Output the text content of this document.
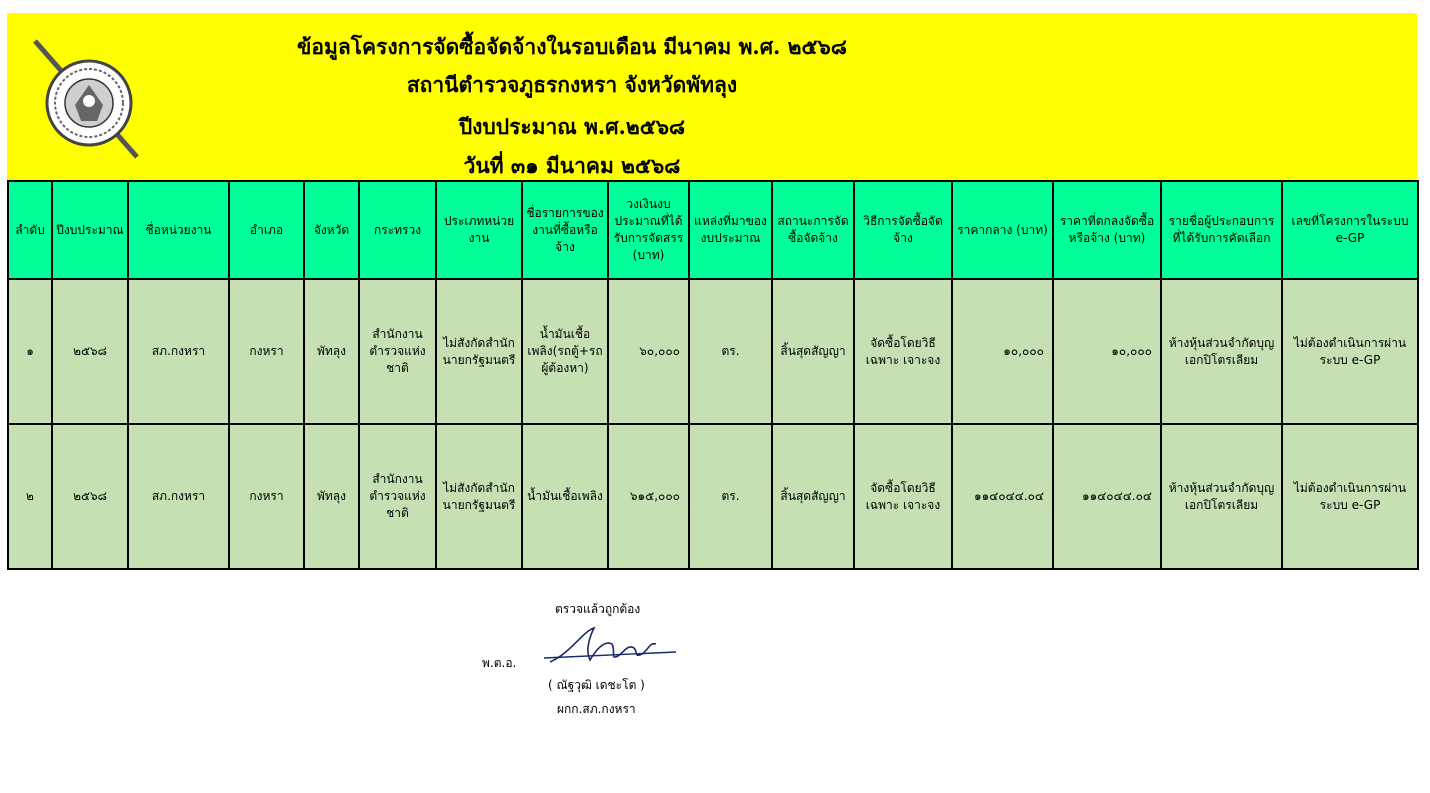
ข้อมูลโครงการจัดซื้อจัดจ้างในรอบเดือน มีนาคม พ.ศ. ๒๕๖๘
สถานีตำรวจภูธรกงหรา จังหวัดพัทลุง
ปีงบประมาณ พ.ศ.๒๕๖๘
วันที่ ๓๑ มีนาคม ๒๕๖๘
ลำดับ	ปีงบประมาณ	ชื่อหน่วยงาน	อำเภอ	จังหวัด	กระทรวง	ประเภทหน่วยงาน	ชื่อรายการของงานที่ซื้อหรือจ้าง	วงเงินงบประมาณที่ได้รับการจัดสรร (บาท)	แหล่งที่มาของงบประมาณ	สถานะการจัดซื้อจัดจ้าง	วิธีการจัดซื้อจัดจ้าง	ราคากลาง (บาท)	ราคาที่ตกลงจัดซื้อหรือจ้าง (บาท)	รายชื่อผู้ประกอบการที่ได้รับการคัดเลือก	เลขที่โครงการในระบบ e-GP
๑	๒๕๖๘	สภ.กงหรา	กงหรา	พัทลุง	สำนักงานตำรวจแห่งชาติ	ไม่สังกัดสำนักนายกรัฐมนตรี	น้ำมันเชื้อเพลิง(รถตู้+รถผู้ต้องหา)	๖๐,๐๐๐	ตร.	สิ้นสุดสัญญา	จัดซื้อโดยวิธีเฉพาะ เจาะจง	๑๐,๐๐๐	๑๐,๐๐๐	ห้างหุ้นส่วนจำกัดบุญเอกปิโตรเลียม	ไม่ต้องดำเนินการผ่านระบบ e-GP
๒	๒๕๖๘	สภ.กงหรา	กงหรา	พัทลุง	สำนักงานตำรวจแห่งชาติ	ไม่สังกัดสำนักนายกรัฐมนตรี	น้ำมันเชื้อเพลิง	๖๑๕,๐๐๐	ตร.	สิ้นสุดสัญญา	จัดซื้อโดยวิธีเฉพาะ เจาะจง	๑๑๔๐๔๔.๐๔	๑๑๔๐๔๔.๐๔	ห้างหุ้นส่วนจำกัดบุญเอกปิโตรเลียม	ไม่ต้องดำเนินการผ่านระบบ e-GP
ตรวจแล้วถูกต้อง
พ.ต.อ.
( ณัฐวุฒิ เดชะโต )
ผกก.สภ.กงหรา
